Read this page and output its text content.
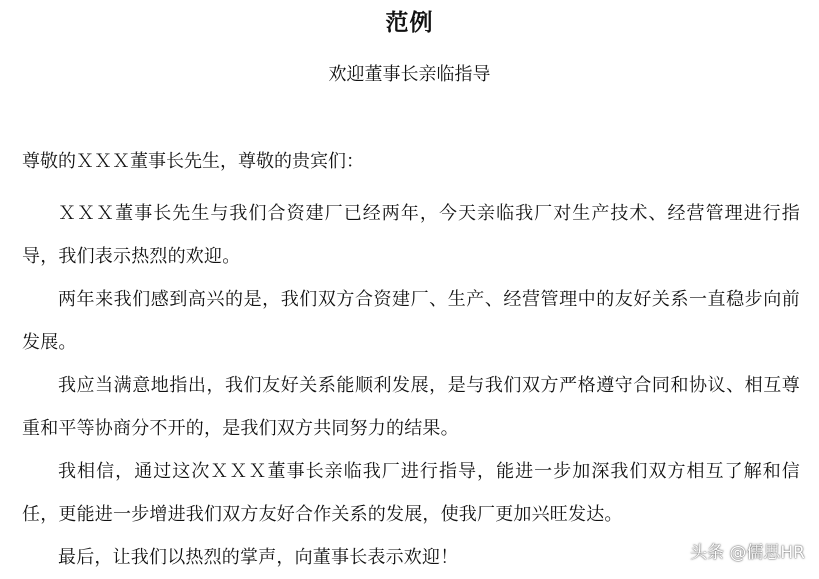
范例
欢迎董事长亲临指导
尊敬的ＸＸＸ董事长先生，尊敬的贵宾们：

ＸＸＸ董事长先生与我们合资建厂已经两年，今天亲临我厂对生产技术、经营管理进行指导，我们表示热烈的欢迎。

两年来我们感到高兴的是，我们双方合资建厂、生产、经营管理中的友好关系一直稳步向前发展。

我应当满意地指出，我们友好关系能顺利发展，是与我们双方严格遵守合同和协议、相互尊重和平等协商分不开的，是我们双方共同努力的结果。

我相信，通过这次ＸＸＸ董事长亲临我厂进行指导，能进一步加深我们双方相互了解和信任，更能进一步增进我们双方友好合作关系的发展，使我厂更加兴旺发达。

最后，让我们以热烈的掌声，向董事长表示欢迎！	头条 @儒思HR
